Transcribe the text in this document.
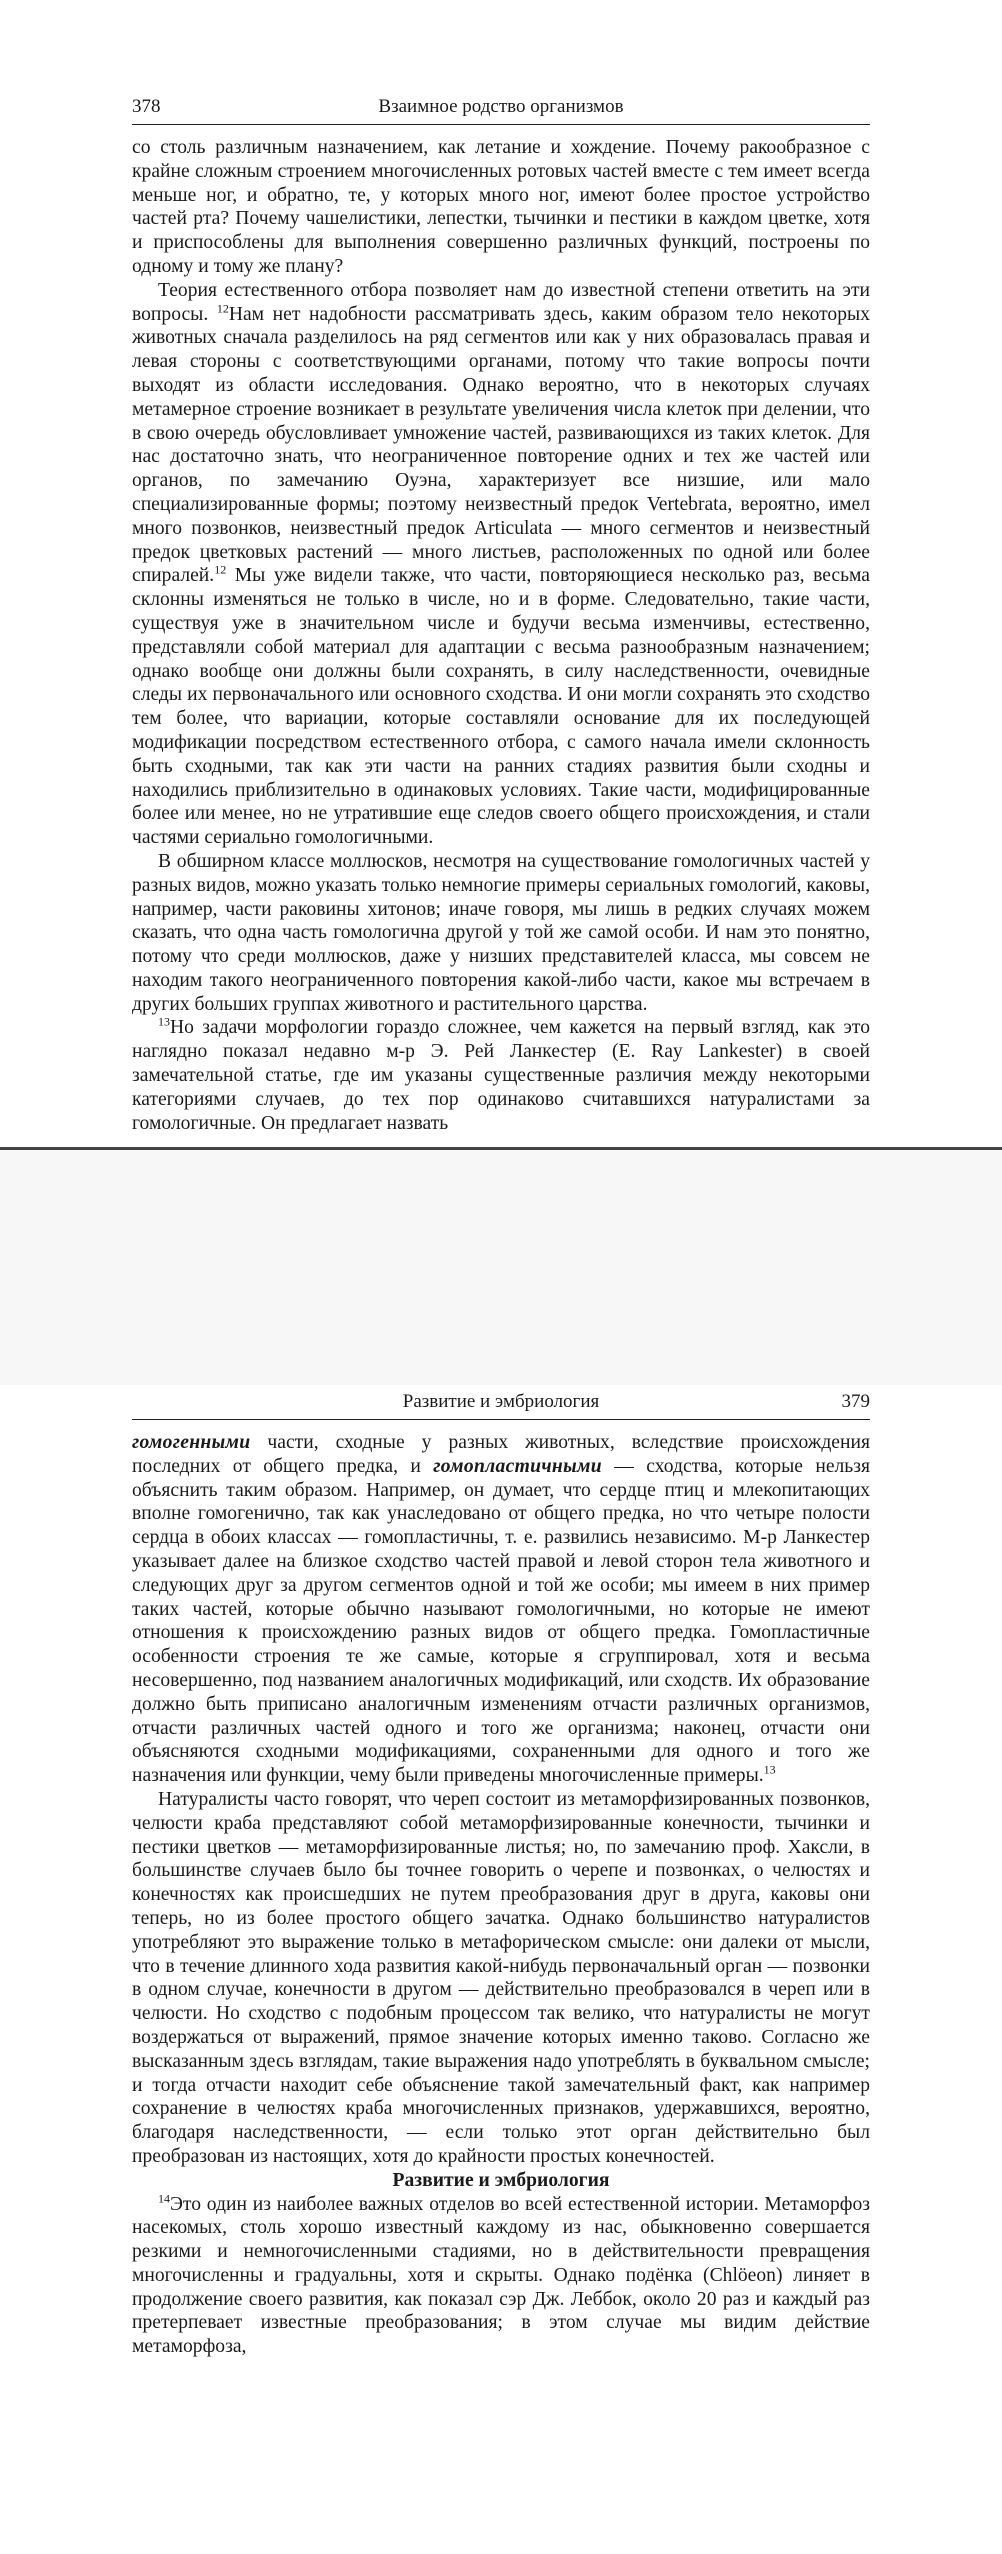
378	Взаимное родство организмов

со столь различным назначением, как летание и хождение. Почему ракообразное с крайне сложным строением многочисленных ротовых частей вместе с тем имеет всегда меньше ног, и обратно, те, у которых много ног, имеют более простое устройство частей рта? Почему чашелистики, лепестки, тычинки и пестики в каждом цветке, хотя и приспособлены для выполнения совершенно различных функций, построены по одному и тому же плану?

Теория естественного отбора позволяет нам до известной степени ответить на эти вопросы. $^{12}$Нам нет надобности рассматривать здесь, каким образом тело некоторых животных сначала разделилось на ряд сегментов или как у них образовалась правая и левая стороны с соответствующими органами, потому что такие вопросы почти выходят из области исследования. Однако вероятно, что в некоторых случаях метамерное строение возникает в результате увеличения числа клеток при делении, что в свою очередь обусловливает умножение частей, развивающихся из таких клеток. Для нас достаточно знать, что неограниченное повторение одних и тех же частей или органов, по замечанию Оуэна, характеризует все низшие, или мало специализированные формы; поэтому неизвестный предок Vertebrata, вероятно, имел много позвонков, неизвестный предок Articulata — много сегментов и неизвестный предок цветковых растений — много листьев, расположенных по одной или более спиралей.$^{12}$ Мы уже видели также, что части, повторяющиеся несколько раз, весьма склонны изменяться не только в числе, но и в форме. Следовательно, такие части, существуя уже в значительном числе и будучи весьма изменчивы, естественно, представляли собой материал для адаптации с весьма разнообразным назначением; однако вообще они должны были сохранять, в силу наследственности, очевидные следы их первоначального или основного сходства. И они могли сохранять это сходство тем более, что вариации, которые составляли основание для их последующей модификации посредством естественного отбора, с самого начала имели склонность быть сходными, так как эти части на ранних стадиях развития были сходны и находились приблизительно в одинаковых условиях. Такие части, модифицированные более или менее, но не утратившие еще следов своего общего происхождения, и стали частями сериально гомологичными.

В обширном классе моллюсков, несмотря на существование гомологичных частей у разных видов, можно указать только немногие примеры сериальных гомологий, каковы, например, части раковины хитонов; иначе говоря, мы лишь в редких случаях можем сказать, что одна часть гомологична другой у той же самой особи. И нам это понятно, потому что среди моллюсков, даже у низших представителей класса, мы совсем не находим такого неограниченного повторения какой-либо части, какое мы встречаем в других больших группах животного и растительного царства.

$^{13}$Но задачи морфологии гораздо сложнее, чем кажется на первый взгляд, как это наглядно показал недавно м-р Э. Рей Ланкестер (E. Ray Lankester) в своей замечательной статье, где им указаны существенные различия между некоторыми категориями случаев, до тех пор одинаково считавшихся натуралистами за гомологичные. Он предлагает назвать

Развитие и эмбриология	379

гомогенными части, сходные у разных животных, вследствие происхождения последних от общего предка, и гомопластичными — сходства, которые нельзя объяснить таким образом. Например, он думает, что сердце птиц и млекопитающих вполне гомогенично, так как унаследовано от общего предка, но что четыре полости сердца в обоих классах — гомопластичны, т. е. развились независимо. М-р Ланкестер указывает далее на близкое сходство частей правой и левой сторон тела животного и следующих друг за другом сегментов одной и той же особи; мы имеем в них пример таких частей, которые обычно называют гомологичными, но которые не имеют отношения к происхождению разных видов от общего предка. Гомопластичные особенности строения те же самые, которые я сгруппировал, хотя и весьма несовершенно, под названием аналогичных модификаций, или сходств. Их образование должно быть приписано аналогичным изменениям отчасти различных организмов, отчасти различных частей одного и того же организма; наконец, отчасти они объясняются сходными модификациями, сохраненными для одного и того же назначения или функции, чему были приведены многочисленные примеры.$^{13}$

Натуралисты часто говорят, что череп состоит из метаморфизированных позвонков, челюсти краба представляют собой метаморфизированные конечности, тычинки и пестики цветков — метаморфизированные листья; но, по замечанию проф. Хаксли, в большинстве случаев было бы точнее говорить о черепе и позвонках, о челюстях и конечностях как происшедших не путем преобразования друг в друга, каковы они теперь, но из более простого общего зачатка. Однако большинство натуралистов употребляют это выражение только в метафорическом смысле: они далеки от мысли, что в течение длинного хода развития какой-нибудь первоначальный орган — позвонки в одном случае, конечности в другом — действительно преобразовался в череп или в челюсти. Но сходство с подобным процессом так велико, что натуралисты не могут воздержаться от выражений, прямое значение которых именно таково. Согласно же высказанным здесь взглядам, такие выражения надо употреблять в буквальном смысле; и тогда отчасти находит себе объяснение такой замечательный факт, как например сохранение в челюстях краба многочисленных признаков, удержавшихся, вероятно, благодаря наследственности, — если только этот орган действительно был преобразован из настоящих, хотя до крайности простых конечностей.

Развитие и эмбриология

$^{14}$Это один из наиболее важных отделов во всей естественной истории. Метаморфоз насекомых, столь хорошо известный каждому из нас, обыкновенно совершается резкими и немногочисленными стадиями, но в действительности превращения многочисленны и градуальны, хотя и скрыты. Однако подёнка (Chlöeon) линяет в продолжение своего развития, как показал сэр Дж. Леббок, около 20 раз и каждый раз претерпевает известные преобразования; в этом случае мы видим действие метаморфоза,
